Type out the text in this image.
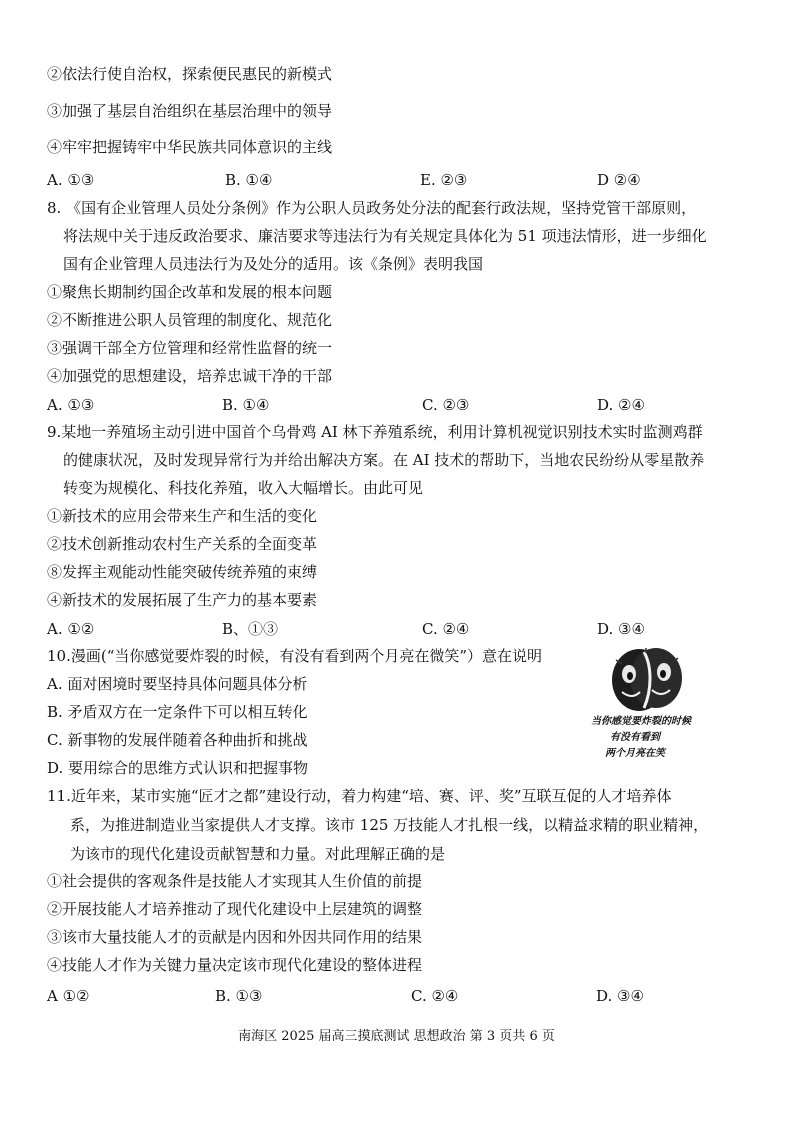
②依法行使自治权，探索便民惠民的新模式
③加强了基层自治组织在基层治理中的领导
④牢牢把握铸牢中华民族共同体意识的主线
A. ①③	B. ①④	E. ②③	D ②④
8. 《国有企业管理人员处分条例》作为公职人员政务处分法的配套行政法规，坚持党管干部原则，
将法规中关于违反政治要求、廉洁要求等违法行为有关规定具体化为 51 项违法情形，进一步细化
国有企业管理人员违法行为及处分的适用。该《条例》表明我国
①聚焦长期制约国企改革和发展的根本问题
②不断推进公职人员管理的制度化、规范化
③强调干部全方位管理和经常性监督的统一
④加强党的思想建设，培养忠诚干净的干部
A. ①③	B. ①④	C. ②③	D. ②④
9.某地一养殖场主动引进中国首个乌骨鸡 AI 林下养殖系统，利用计算机视觉识别技术实时监测鸡群
的健康状况，及时发现异常行为并给出解决方案。在 AI 技术的帮助下，当地农民纷纷从零星散养
转变为规模化、科技化养殖，收入大幅增长。由此可见
①新技术的应用会带来生产和生活的变化
②技术创新推动农村生产关系的全面变革
⑧发挥主观能动性能突破传统养殖的束缚
④新技术的发展拓展了生产力的基本要素
A. ①②	B、①③	C. ②④	D. ③④
10.漫画(“当你感觉要炸裂的时候，有没有看到两个月亮在微笑”）意在说明
A. 面对困境时要坚持具体问题具体分析
B. 矛盾双方在一定条件下可以相互转化
C. 新事物的发展伴随着各种曲折和挑战
D. 要用综合的思维方式认识和把握事物
当你感觉要炸裂的时候
有没有看到
两个月亮在笑
11.近年来，某市实施“匠才之都”建设行动，着力构建“培、赛、评、奖”互联互促的人才培养体
系，为推进制造业当家提供人才支撑。该市 125 万技能人才扎根一线，以精益求精的职业精神，
为该市的现代化建设贡献智慧和力量。对此理解正确的是
①社会提供的客观条件是技能人才实现其人生价值的前提
②开展技能人才培养推动了现代化建设中上层建筑的调整
③该市大量技能人才的贡献是内因和外因共同作用的结果
④技能人才作为关键力量决定该市现代化建设的整体进程
A ①②	B. ①③	C. ②④	D. ③④
南海区 2025 届高三摸底测试 思想政治 第 3 页共 6 页
